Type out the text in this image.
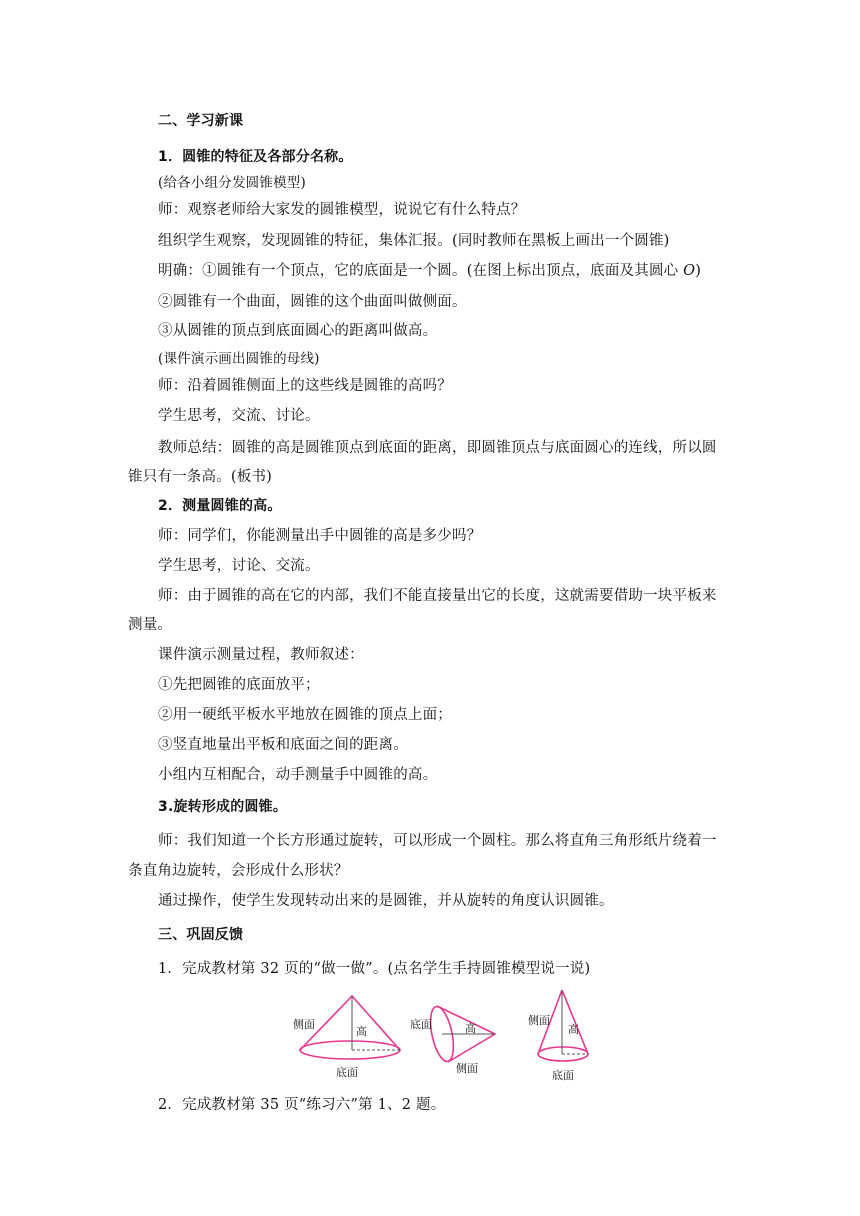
二、学习新课
1．圆锥的特征及各部分名称。
(给各小组分发圆锥模型)
师：观察老师给大家发的圆锥模型，说说它有什么特点？
组织学生观察，发现圆锥的特征，集体汇报。(同时教师在黑板上画出一个圆锥)
明确：①圆锥有一个顶点，它的底面是一个圆。(在图上标出顶点，底面及其圆心 O)
②圆锥有一个曲面，圆锥的这个曲面叫做侧面。
③从圆锥的顶点到底面圆心的距离叫做高。
(课件演示画出圆锥的母线)
师：沿着圆锥侧面上的这些线是圆锥的高吗？
学生思考，交流、讨论。
教师总结：圆锥的高是圆锥顶点到底面的距离，即圆锥顶点与底面圆心的连线，所以圆
锥只有一条高。(板书)
2．测量圆锥的高。
师：同学们，你能测量出手中圆锥的高是多少吗？
学生思考，讨论、交流。
师：由于圆锥的高在它的内部，我们不能直接量出它的长度，这就需要借助一块平板来
测量。
课件演示测量过程，教师叙述：
①先把圆锥的底面放平；
②用一硬纸平板水平地放在圆锥的顶点上面；
③竖直地量出平板和底面之间的距离。
小组内互相配合，动手测量手中圆锥的高。
3.旋转形成的圆锥。
师：我们知道一个长方形通过旋转，可以形成一个圆柱。那么将直角三角形纸片绕着一
条直角边旋转，会形成什么形状？
通过操作，使学生发现转动出来的是圆锥，并从旋转的角度认识圆锥。
三、巩固反馈
1．完成教材第 32 页的“做一做”。(点名学生手持圆锥模型说一说)
侧面
高
底面
底面	高
侧面
侧面
高
底面
2．完成教材第 35 页“练习六”第 1、2 题。
